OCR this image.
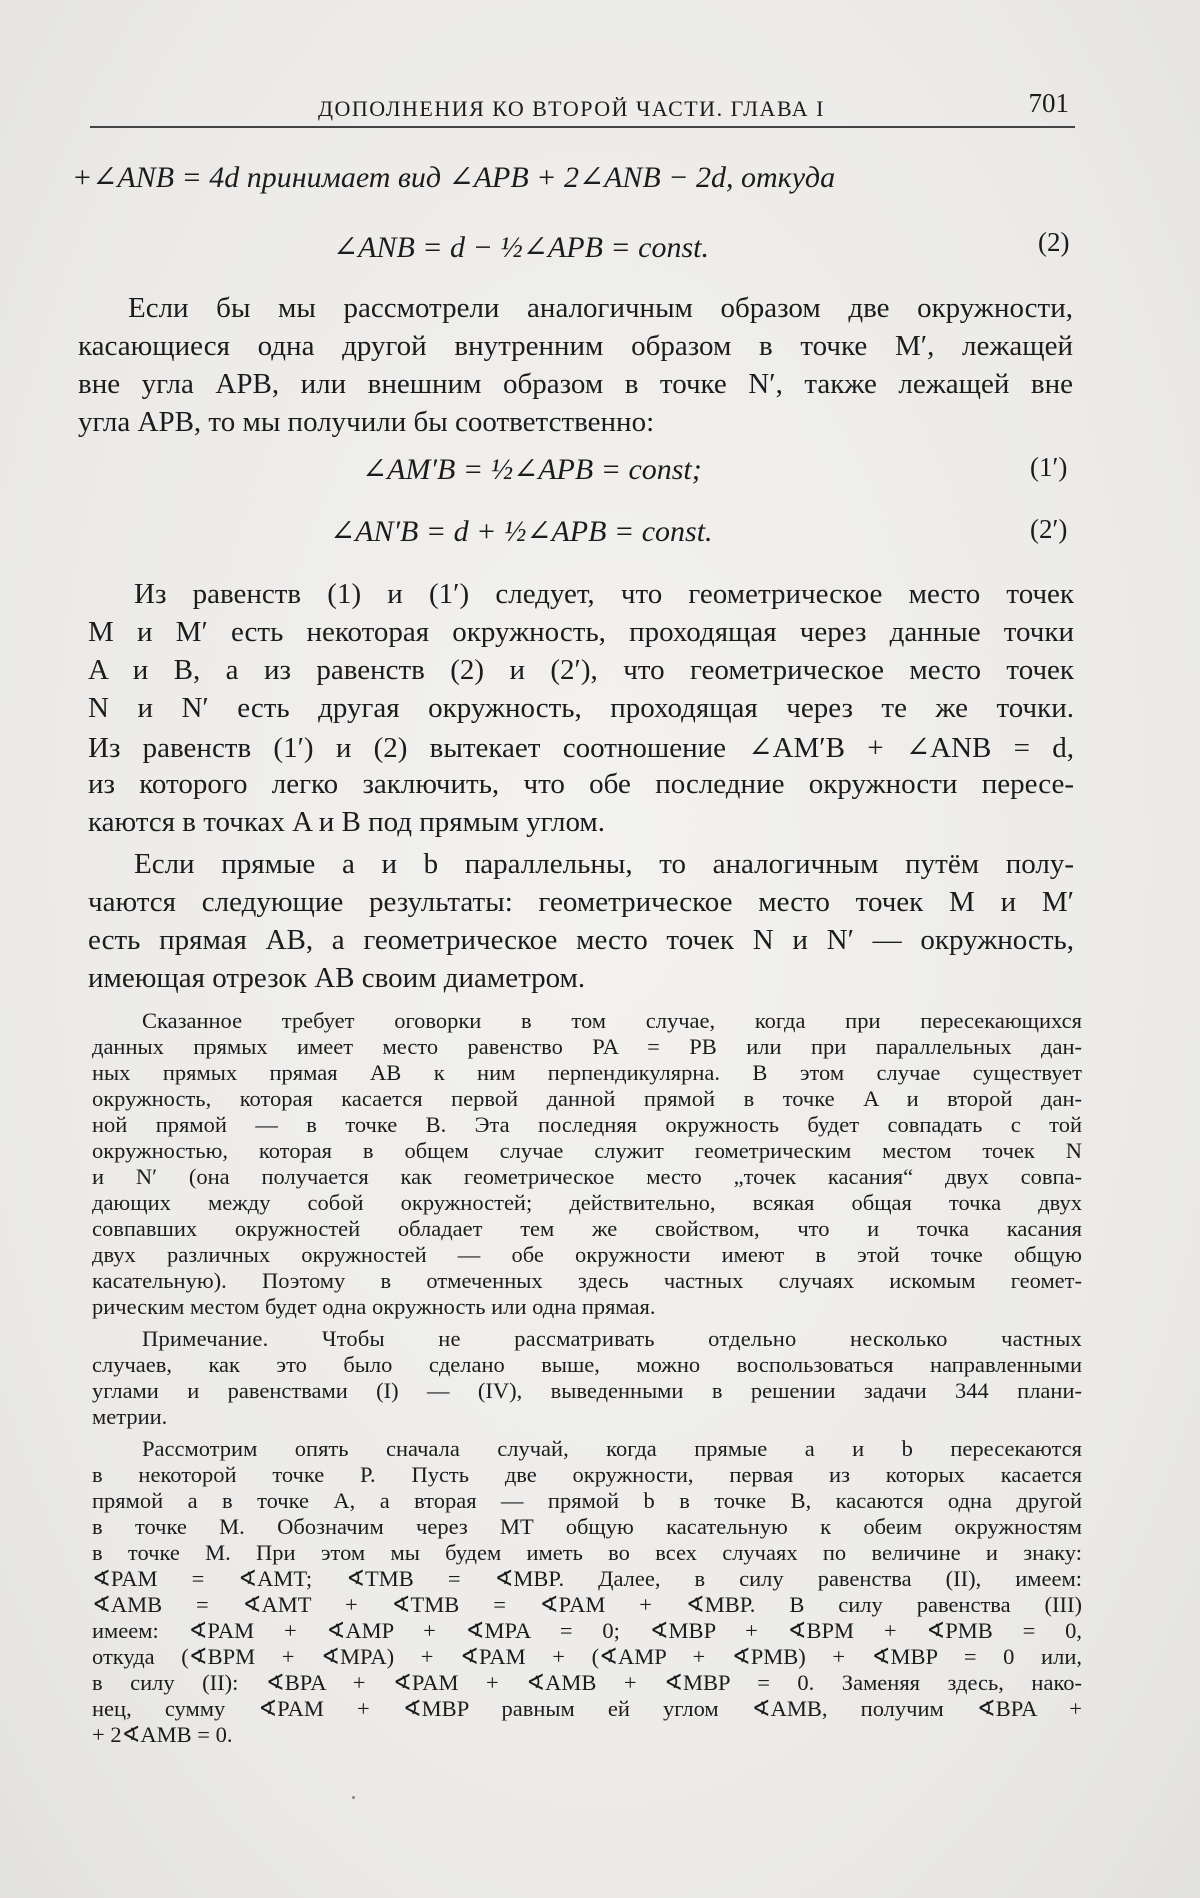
ДОПОЛНЕНИЯ КО ВТОРОЙ ЧАСТИ. ГЛАВА I	701
+∠ANB = 4d принимает вид ∠APB + 2∠ANB − 2d, откуда
∠ANB = d − ½∠APB = const.	(2)
Если бы мы рассмотрели аналогичным образом две окружности,
касающиеся одна другой внутренним образом в точке M′, лежащей
вне угла APB, или внешним образом в точке N′, также лежащей вне
угла APB, то мы получили бы соответственно:
∠AM′B = ½∠APB = const;	(1′)
∠AN′B = d + ½∠APB = const.	(2′)
Из равенств (1) и (1′) следует, что геометрическое место точек
M и M′ есть некоторая окружность, проходящая через данные точки
A и B, а из равенств (2) и (2′), что геометрическое место точек
N и N′ есть другая окружность, проходящая через те же точки.
Из равенств (1′) и (2) вытекает соотношение ∠AM′B + ∠ANB = d,
из которого легко заключить, что обе последние окружности пересе-
каются в точках A и B под прямым углом.
Если прямые a и b параллельны, то аналогичным путём полу-
чаются следующие результаты: геометрическое место точек M и M′
есть прямая AB, а геометрическое место точек N и N′ — окружность,
имеющая отрезок AB своим диаметром.
Сказанное требует оговорки в том случае, когда при пересекающихся
данных прямых имеет место равенство PA = PB или при параллельных дан-
ных прямых прямая AB к ним перпендикулярна. В этом случае существует
окружность, которая касается первой данной прямой в точке A и второй дан-
ной прямой — в точке B. Эта последняя окружность будет совпадать с той
окружностью, которая в общем случае служит геометрическим местом точек N
и N′ (она получается как геометрическое место „точек касания“ двух совпа-
дающих между собой окружностей; действительно, всякая общая точка двух
совпавших окружностей обладает тем же свойством, что и точка касания
двух различных окружностей — обе окружности имеют в этой точке общую
касательную). Поэтому в отмеченных здесь частных случаях искомым геомет-
рическим местом будет одна окружность или одна прямая.
Примечание. Чтобы не рассматривать отдельно несколько частных
случаев, как это было сделано выше, можно воспользоваться направленными
углами и равенствами (I) — (IV), выведенными в решении задачи 344 плани-
метрии.
Рассмотрим опять сначала случай, когда прямые a и b пересекаются
в некоторой точке P. Пусть две окружности, первая из которых касается
прямой a в точке A, а вторая — прямой b в точке B, касаются одна другой
в точке M. Обозначим через MT общую касательную к обеим окружностям
в точке M. При этом мы будем иметь во всех случаях по величине и знаку:
∢PAM = ∢AMT; ∢TMB = ∢MBP. Далее, в силу равенства (II), имеем:
∢AMB = ∢AMT + ∢TMB = ∢PAM + ∢MBP. В силу равенства (III)
имеем: ∢PAM + ∢AMP + ∢MPA = 0; ∢MBP + ∢BPM + ∢PMB = 0,
откуда (∢BPM + ∢MPA) + ∢PAM + (∢AMP + ∢PMB) + ∢MBP = 0 или,
в силу (II): ∢BPA + ∢PAM + ∢AMB + ∢MBP = 0. Заменяя здесь, нако-
нец, сумму ∢PAM + ∢MBP равным ей углом ∢AMB, получим ∢BPA +
+ 2∢AMB = 0.
